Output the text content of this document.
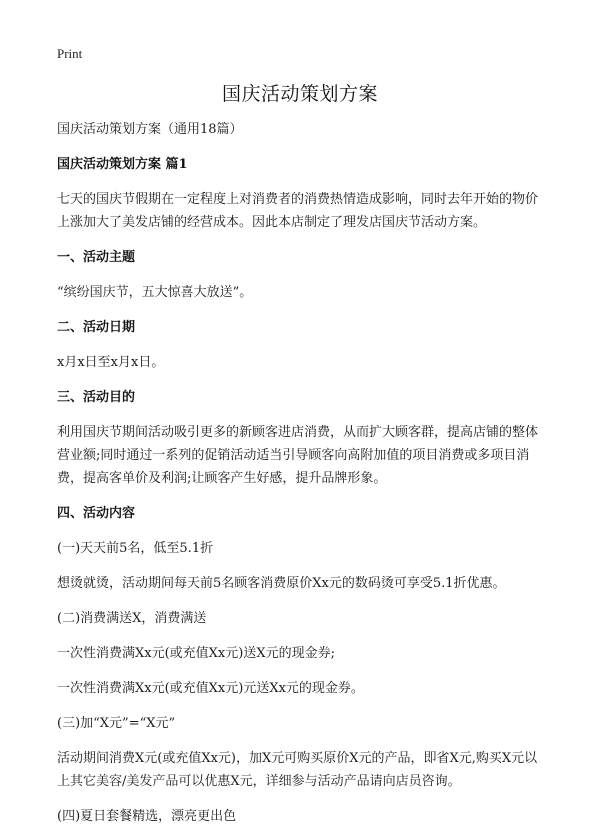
Print
国庆活动策划方案
国庆活动策划方案（通用18篇）
国庆活动策划方案 篇1
七天的国庆节假期在一定程度上对消费者的消费热情造成影响，同时去年开始的物价上涨加大了美发店铺的经营成本。因此本店制定了理发店国庆节活动方案。
一、活动主题
“缤纷国庆节，五大惊喜大放送”。
二、活动日期
x月x日至x月x日。
三、活动目的
利用国庆节期间活动吸引更多的新顾客进店消费，从而扩大顾客群，提高店铺的整体营业额;同时通过一系列的促销活动适当引导顾客向高附加值的项目消费或多项目消费，提高客单价及利润;让顾客产生好感，提升品牌形象。
四、活动内容
(一)天天前5名，低至5.1折
想烫就烫，活动期间每天前5名顾客消费原价Xx元的数码烫可享受5.1折优惠。
(二)消费满送X，消费满送
一次性消费满Xx元(或充值Xx元)送X元的现金券;
一次性消费满Xx元(或充值Xx元)元送Xx元的现金券。
(三)加“X元”=“X元”
活动期间消费X元(或充值Xx元)，加X元可购买原价X元的产品，即省X元,购买X元以上其它美容/美发产品可以优惠X元，详细参与活动产品请向店员咨询。
(四)夏日套餐精选，漂亮更出色
